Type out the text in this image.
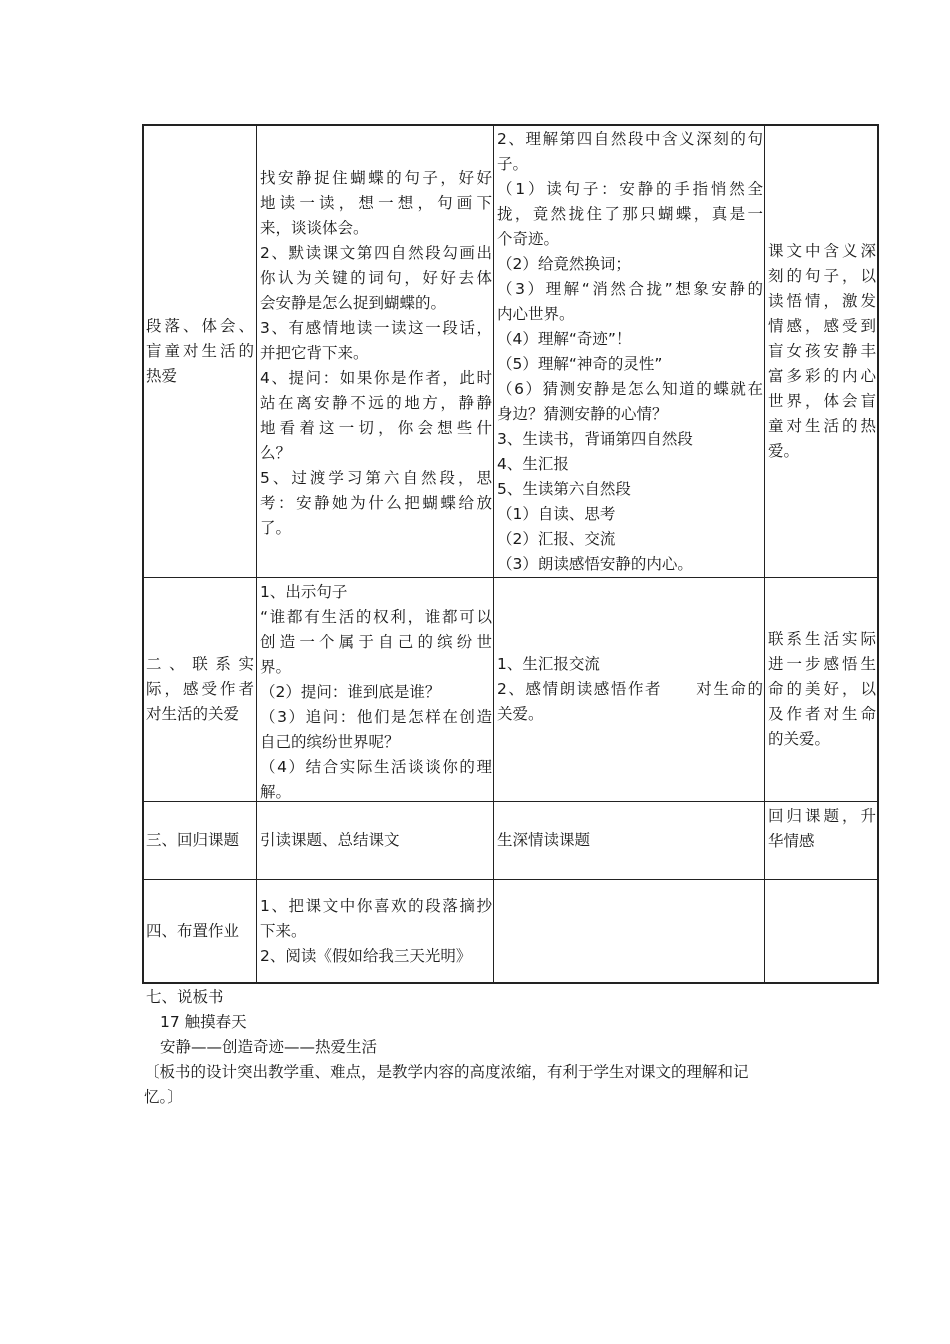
段落、体会、
盲童对生活的
热爱
找安静捉住蝴蝶的句子，好好
地读一读，想一想，句画下
来，谈谈体会。
2、默读课文第四自然段勾画出
你认为关键的词句，好好去体
会安静是怎么捉到蝴蝶的。
3、有感情地读一读这一段话，
并把它背下来。
4、提问：如果你是作者，此时
站在离安静不远的地方，静静
地看着这一切，你会想些什
么？
5、过渡学习第六自然段，思
考：安静她为什么把蝴蝶给放
了。
2、理解第四自然段中含义深刻的句
子。
（1）读句子：安静的手指悄然全
拢，竟然拢住了那只蝴蝶，真是一
个奇迹。
（2）给竟然换词；
（3）理解“消然合拢”想象安静的
内心世界。
（4）理解“奇迹”！
（5）理解“神奇的灵性”
（6）猜测安静是怎么知道的蝶就在
身边？猜测安静的心情？
3、生读书，背诵第四自然段
4、生汇报
5、生读第六自然段
（1）自读、思考
（2）汇报、交流
（3）朗读感悟安静的内心。
课文中含义深
刻的句子，以
读悟情，激发
情感，感受到
盲女孩安静丰
富多彩的内心
世界，体会盲
童对生活的热
爱。
二、联系实
际，感受作者
对生活的关爱
1、出示句子
“谁都有生活的权利，谁都可以
创造一个属于自己的缤纷世
界。
（2）提问：谁到底是谁？
（3）追问：他们是怎样在创造
自己的缤纷世界呢？
（4）结合实际生活谈谈你的理
解。
1、生汇报交流
2、感情朗读感悟作者　　对生命的
关爱。
联系生活实际
进一步感悟生
命的美好，以
及作者对生命
的关爱。
三、回归课题	引读课题、总结课文	生深情读课题
回归课题，升
华情感
四、布置作业
1、把课文中你喜欢的段落摘抄
下来。
2、阅读《假如给我三天光明》
七、说板书
17 触摸春天
安静——创造奇迹——热爱生活
〔板书的设计突出教学重、难点，是教学内容的高度浓缩，有利于学生对课文的理解和记
忆。〕
